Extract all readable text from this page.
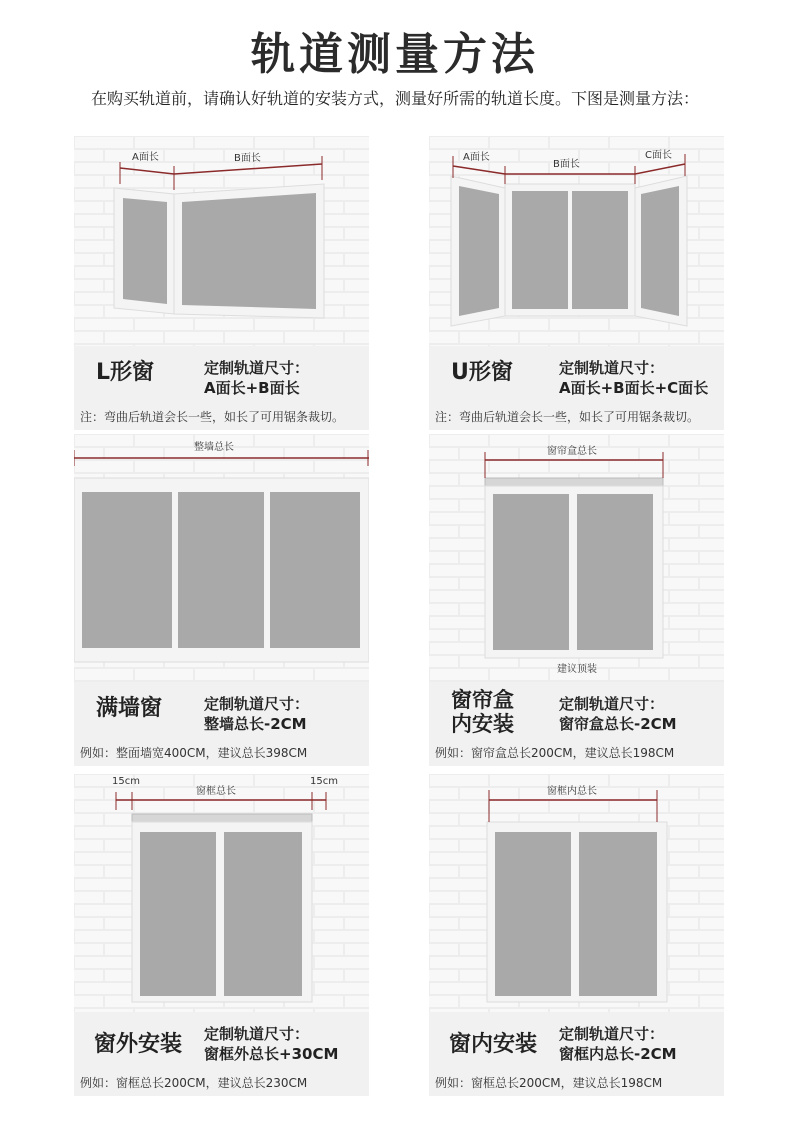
轨道测量方法
在购买轨道前，请确认好轨道的安装方式，测量好所需的轨道长度。下图是测量方法：
A面长	B面长
L形窗	定制轨道尺寸：
A面长+B面长
注：弯曲后轨道会长一些，如长了可用锯条裁切。
A面长
B面长
C面长
U形窗	定制轨道尺寸：
A面长+B面长+C面长
注：弯曲后轨道会长一些，如长了可用锯条裁切。
整墙总长
满墙窗	定制轨道尺寸：
整墙总长-2CM
例如：整面墙宽400CM，建议总长398CM
窗帘盒总长
建议顶装
窗帘盒
内安装
定制轨道尺寸：
窗帘盒总长-2CM
例如：窗帘盒总长200CM，建议总长198CM
窗框总长
15cm	15cm
窗外安装 定制轨道尺寸：
窗框外总长+30CM
例如：窗框总长200CM，建议总长230CM
窗框内总长
窗内安装 定制轨道尺寸：
窗框内总长-2CM
例如：窗框总长200CM，建议总长198CM
